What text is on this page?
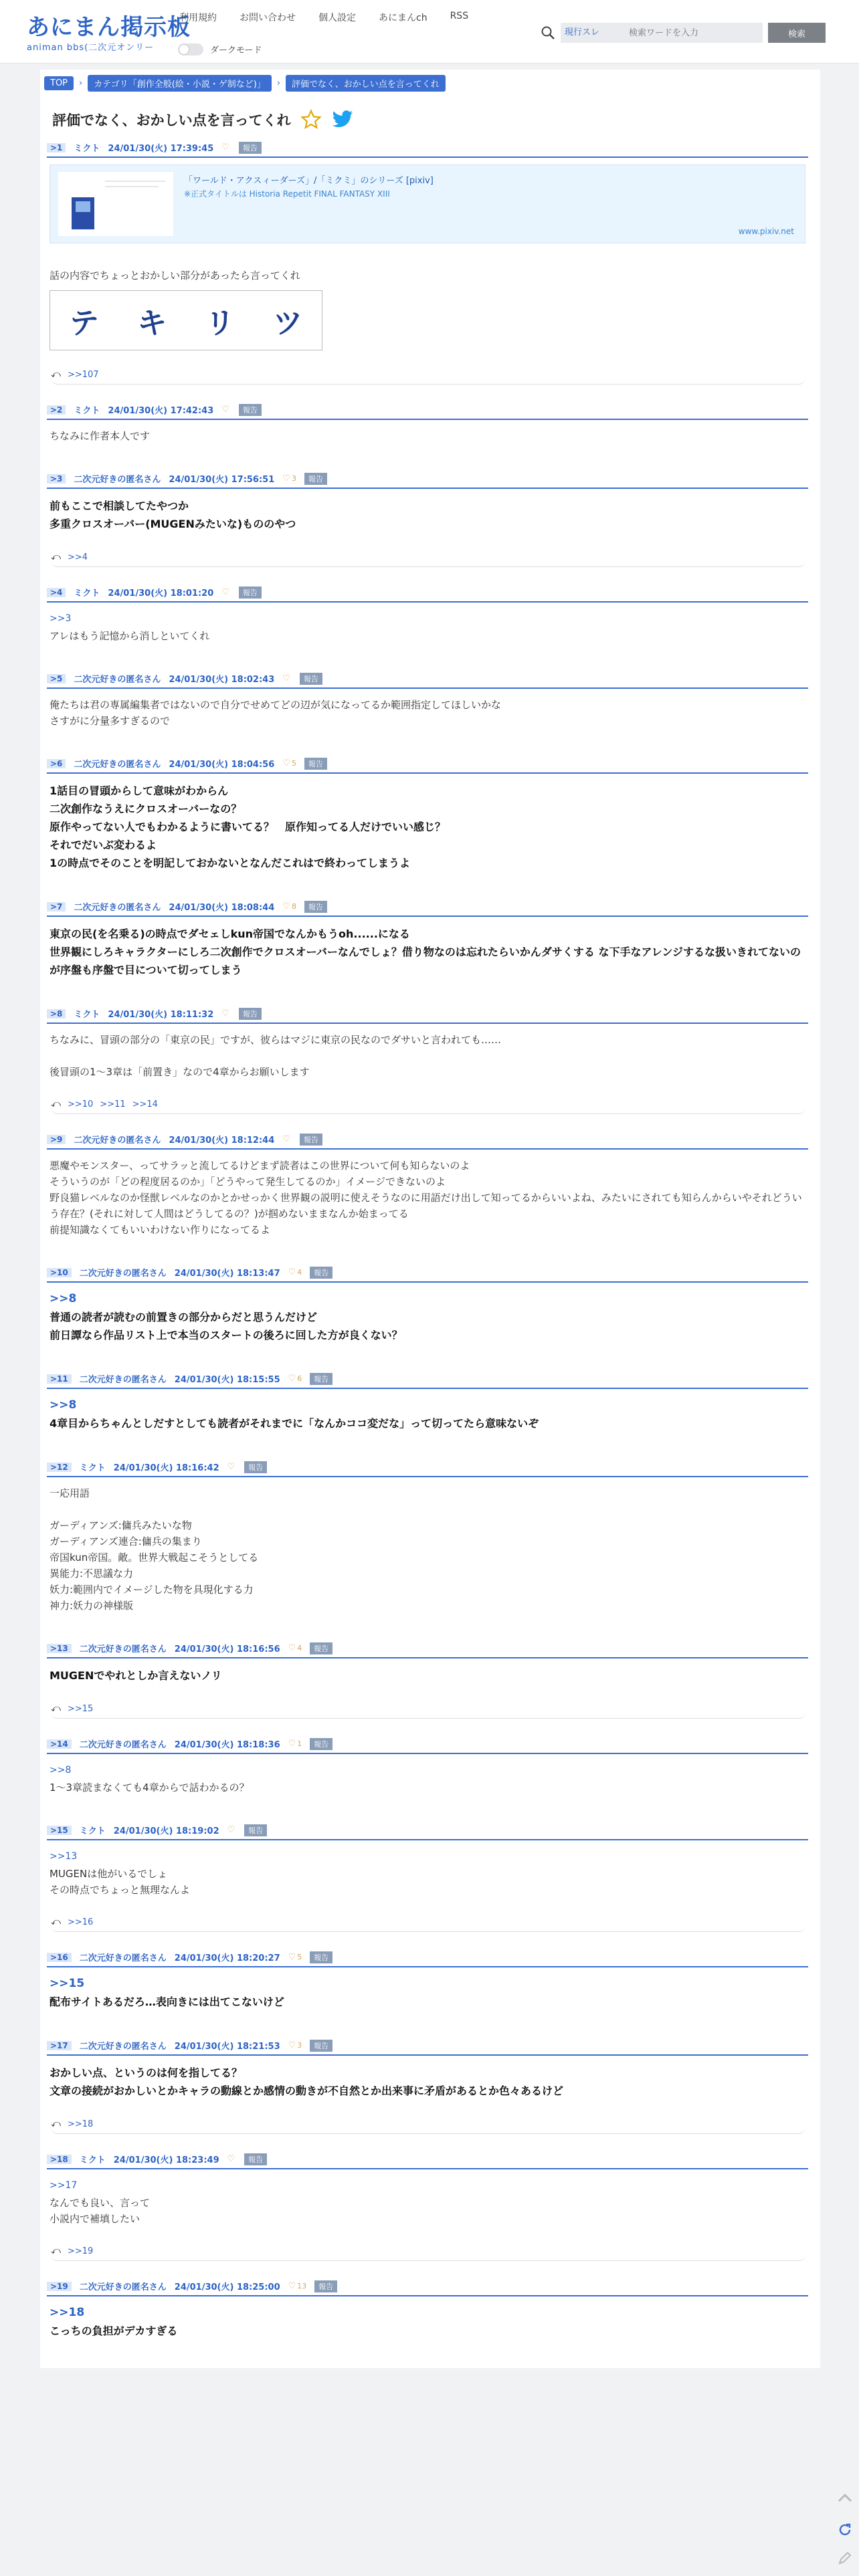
あにまん掲示板
animan bbs(二次元オンリー
利用規約 お問い合わせ 個人設定 あにまんch RSS
ダークモード
現行スレ
検索ワードを入力	検索
TOP	›	カテゴリ「創作全般(絵・小説・ゲ制など)」	›	評価でなく、おかしい点を言ってくれ
評価でなく、おかしい点を言ってくれ
>1	ミクト 24/01/30(火) 17:39:45 ♡	報告
「ワールド・アクスィーダーズ」/「ミクミ」のシリーズ [pixiv]
※正式タイトルは Historia Repetit FINAL FANTASY XIII
www.pixiv.net
話の内容でちょっとおかしい部分があったら言ってくれ
テ キ リ ツ
⤺ >>107
>2	ミクト 24/01/30(火) 17:42:43 ♡	報告
ちなみに作者本人です
>3	二次元好きの匿名さん 24/01/30(火) 17:56:51 ♡ 3	報告
前もここで相談してたやつか
多重クロスオーバー(MUGENみたいな)もののやつ
⤺ >>4
>4	ミクト 24/01/30(火) 18:01:20 ♡	報告
>>3
アレはもう記憶から消しといてくれ
>5	二次元好きの匿名さん 24/01/30(火) 18:02:43 ♡	報告
俺たちは君の専属編集者ではないので自分でせめてどの辺が気になってるか範囲指定してほしいかな
さすがに分量多すぎるので
>6	二次元好きの匿名さん 24/01/30(火) 18:04:56 ♡ 5	報告
1話目の冒頭からして意味がわからん
二次創作なうえにクロスオーバーなの？
原作やってない人でもわかるように書いてる？　原作知ってる人だけでいい感じ？
それでだいぶ変わるよ
1の時点でそのことを明記しておかないとなんだこれはで終わってしまうよ
>7	二次元好きの匿名さん 24/01/30(火) 18:08:44 ♡ 8	報告
東京の民(を名乗る)の時点でダセェしkun帝国でなんかもうoh......になる
世界観にしろキャラクターにしろ二次創作でクロスオーバーなんでしょ？借り物なのは忘れたらいかんダサくする な下手なアレンジするな扱いきれてないのが序盤も序盤で目について切ってしまう
>8	ミクト 24/01/30(火) 18:11:32 ♡	報告
ちなみに、冒頭の部分の「東京の民」ですが、彼らはマジに東京の民なのでダサいと言われても……

後冒頭の1〜3章は「前置き」なので4章からお願いします
⤺ >>10 >>11 >>14
>9	二次元好きの匿名さん 24/01/30(火) 18:12:44 ♡	報告
悪魔やモンスター、ってサラッと流してるけどまず読者はこの世界について何も知らないのよ
そういうのが「どの程度居るのか」「どうやって発生してるのか」イメージできないのよ
野良猫レベルなのか怪獣レベルなのかとかせっかく世界観の説明に使えそうなのに用語だけ出して知ってるからいいよね、みたいにされても知らんからいやそれどういう存在？(それに対して人間はどうしてるの？)が掴めないままなんか始まってる
前提知識なくてもいいわけない作りになってるよ
>10	二次元好きの匿名さん 24/01/30(火) 18:13:47 ♡ 4	報告
>>8
普通の読者が読むの前置きの部分からだと思うんだけど
前日譚なら作品リスト上で本当のスタートの後ろに回した方が良くない？
>11	二次元好きの匿名さん 24/01/30(火) 18:15:55 ♡ 6	報告
>>8
4章目からちゃんとしだすとしても読者がそれまでに「なんかココ変だな」って切ってたら意味ないぞ
>12	ミクト 24/01/30(火) 18:16:42 ♡	報告
一応用語

ガーディアンズ:傭兵みたいな物
ガーディアンズ連合:傭兵の集まり
帝国kun帝国。敵。世界大戦起こそうとしてる
異能力:不思議な力
妖力:範囲内でイメージした物を具現化する力
神力:妖力の神様版
>13	二次元好きの匿名さん 24/01/30(火) 18:16:56 ♡ 4	報告
MUGENでやれとしか言えないノリ
⤺ >>15
>14	二次元好きの匿名さん 24/01/30(火) 18:18:36 ♡ 1	報告
>>8
1〜3章読まなくても4章からで話わかるの？
>15	ミクト 24/01/30(火) 18:19:02 ♡	報告
>>13
MUGENは他がいるでしょ
その時点でちょっと無理なんよ
⤺ >>16
>16	二次元好きの匿名さん 24/01/30(火) 18:20:27 ♡ 5	報告
>>15
配布サイトあるだろ…表向きには出てこないけど
>17	二次元好きの匿名さん 24/01/30(火) 18:21:53 ♡ 3	報告
おかしい点、というのは何を指してる？
文章の接続がおかしいとかキャラの動線とか感情の動きが不自然とか出来事に矛盾があるとか色々あるけど
⤺ >>18
>18	ミクト 24/01/30(火) 18:23:49 ♡	報告
>>17
なんでも良い、言って
小説内で補填したい
⤺ >>19
>19	二次元好きの匿名さん 24/01/30(火) 18:25:00 ♡ 13	報告
>>18
こっちの負担がデカすぎる
